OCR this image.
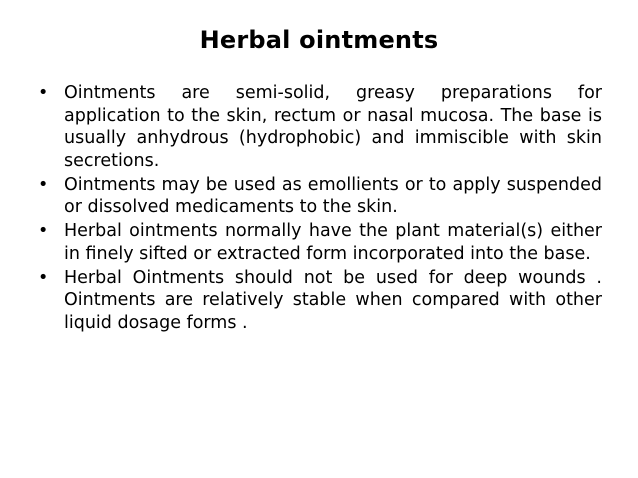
Herbal ointments
• Ointments are semi-solid, greasy preparations for application to the skin, rectum or nasal mucosa. The base is usually anhydrous (hydrophobic) and immiscible with skin secretions.
• Ointments may be used as emollients or to apply suspended or dissolved medicaments to the skin.
• Herbal ointments normally have the plant material(s) either in finely sifted or extracted form incorporated into the base.
• Herbal Ointments should not be used for deep wounds . Ointments are relatively stable when compared with other liquid dosage forms .
